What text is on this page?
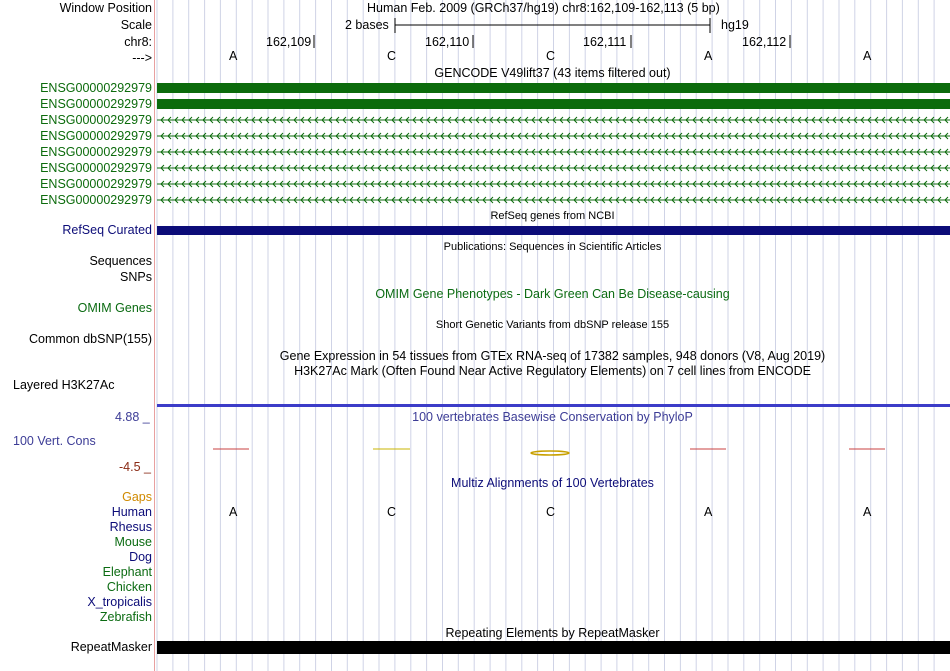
Window Position
Scale
chr8:
--->
Human Feb. 2009 (GRCh37/hg19) chr8:162,109-162,113 (5 bp)
2 bases	hg19
162,109	162,110	162,111	162,112
A	C	C	A	A
GENCODE V49lift37 (43 items filtered out)
ENSG00000292979
ENSG00000292979
ENSG00000292979
ENSG00000292979
ENSG00000292979
ENSG00000292979
ENSG00000292979
ENSG00000292979
RefSeq genes from NCBI
RefSeq Curated
Publications: Sequences in Scientific Articles
Sequences
SNPs
OMIM Gene Phenotypes - Dark Green Can Be Disease-causing
OMIM Genes
Short Genetic Variants from dbSNP release 155
Common dbSNP(155)
Gene Expression in 54 tissues from GTEx RNA-seq of 17382 samples, 948 donors (V8, Aug 2019)
H3K27Ac Mark (Often Found Near Active Regulatory Elements) on 7 cell lines from ENCODE
Layered H3K27Ac
100 vertebrates Basewise Conservation by PhyloP
4.88 _
100 Vert. Cons
-4.5 _
Multiz Alignments of 100 Vertebrates
Gaps
Human	A	C	C	A	A
Rhesus
Mouse
Dog
Elephant
Chicken
X_tropicalis
Zebrafish
Repeating Elements by RepeatMasker
RepeatMasker
